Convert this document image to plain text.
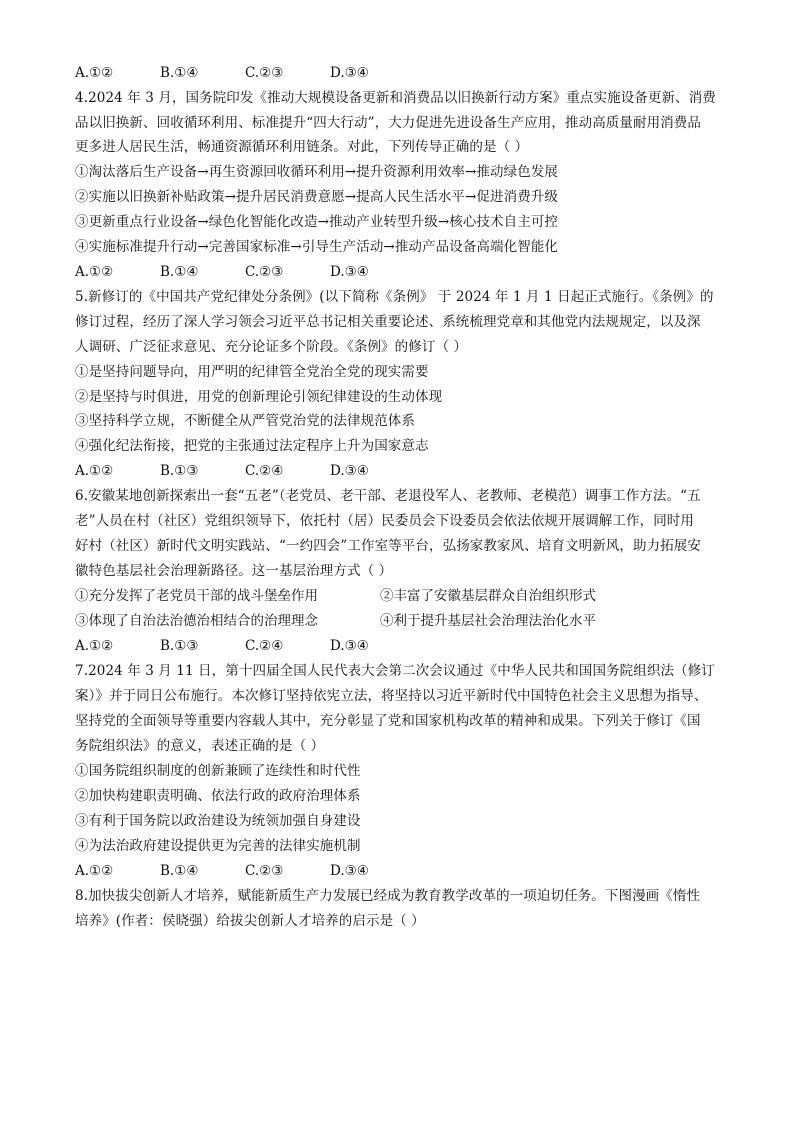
A.①②	B.①④	C.②③	D.③④
4.2024 年 3 月，国务院印发《推动大规模设备更新和消费品以旧换新行动方案》重点实施设备更新、消费
品以旧换新、回收循环利用、标准提升“四大行动”，大力促进先进设备生产应用，推动高质量耐用消费品
更多进人居民生活，畅通资源循环利用链条。对此，下列传导正确的是（ ）
①淘汰落后生产设备→再生资源回收循环利用→提升资源利用效率→推动绿色发展
②实施以旧换新补贴政策→提升居民消费意愿→提高人民生活水平→促进消费升级
③更新重点行业设备→绿色化智能化改造→推动产业转型升级→核心技术自主可控
④实施标准提升行动→完善国家标准→引导生产活动→推动产品设备高端化智能化
A.①②	B.①④	C.②③	D.③④
5.新修订的《中国共产党纪律处分条例》(以下简称《条例》 于 2024 年 1 月 1 日起正式施行。《条例》的
修订过程，经历了深人学习领会习近平总书记相关重要论述、系统梳理党章和其他党内法规规定，以及深
人调研、广泛征求意见、充分论证多个阶段。《条例》的修订（ ）
①是坚持问题导向，用严明的纪律管全党治全党的现实需要
②是坚持与时俱进，用党的创新理论引领纪律建设的生动体现
③坚持科学立规，不断健全从严管党治党的法律规范体系
④强化纪法衔接，把党的主张通过法定程序上升为国家意志
A.①②	B.①③	C.②④	D.③④
6.安徽某地创新探索出一套“五老”（老党员、老干部、老退役军人、老教师、老模范）调事工作方法。“五
老”人员在村（社区）党组织领导下，依托村（居）民委员会下设委员会依法依规开展调解工作，同时用
好村（社区）新时代文明实践站、“一约四会”工作室等平台，弘扬家教家风、培育文明新风，助力拓展安
徽特色基层社会治理新路径。这一基层治理方式（ ）
①充分发挥了老党员干部的战斗堡垒作用	②丰富了安徽基层群众自治组织形式
③体现了自治法治德治相结合的治理理念	④利于提升基层社会治理法治化水平
A.①②	B.①③	C.②④	D.③④
7.2024 年 3 月 11 日，第十四届全国人民代表大会第二次会议通过《中华人民共和国国务院组织法（修订
案）》并于同日公布施行。本次修订坚持依宪立法，将坚持以习近平新时代中国特色社会主义思想为指导、
坚持党的全面领导等重要内容载人其中，充分彰显了党和国家机构改革的精神和成果。下列关于修订《国
务院组织法》的意义，表述正确的是（ ）
①国务院组织制度的创新兼顾了连续性和时代性
②加快构建职责明确、依法行政的政府治理体系
③有利于国务院以政治建设为统领加强自身建设
④为法治政府建设提供更为完善的法律实施机制
A.①②	B.①④	C.②③	D.③④
8.加快拔尖创新人才培养，赋能新质生产力发展已经成为教育教学改革的一项迫切任务。下图漫画《惰性
培养》(作者：侯晓强）给拔尖创新人才培养的启示是（ ）
